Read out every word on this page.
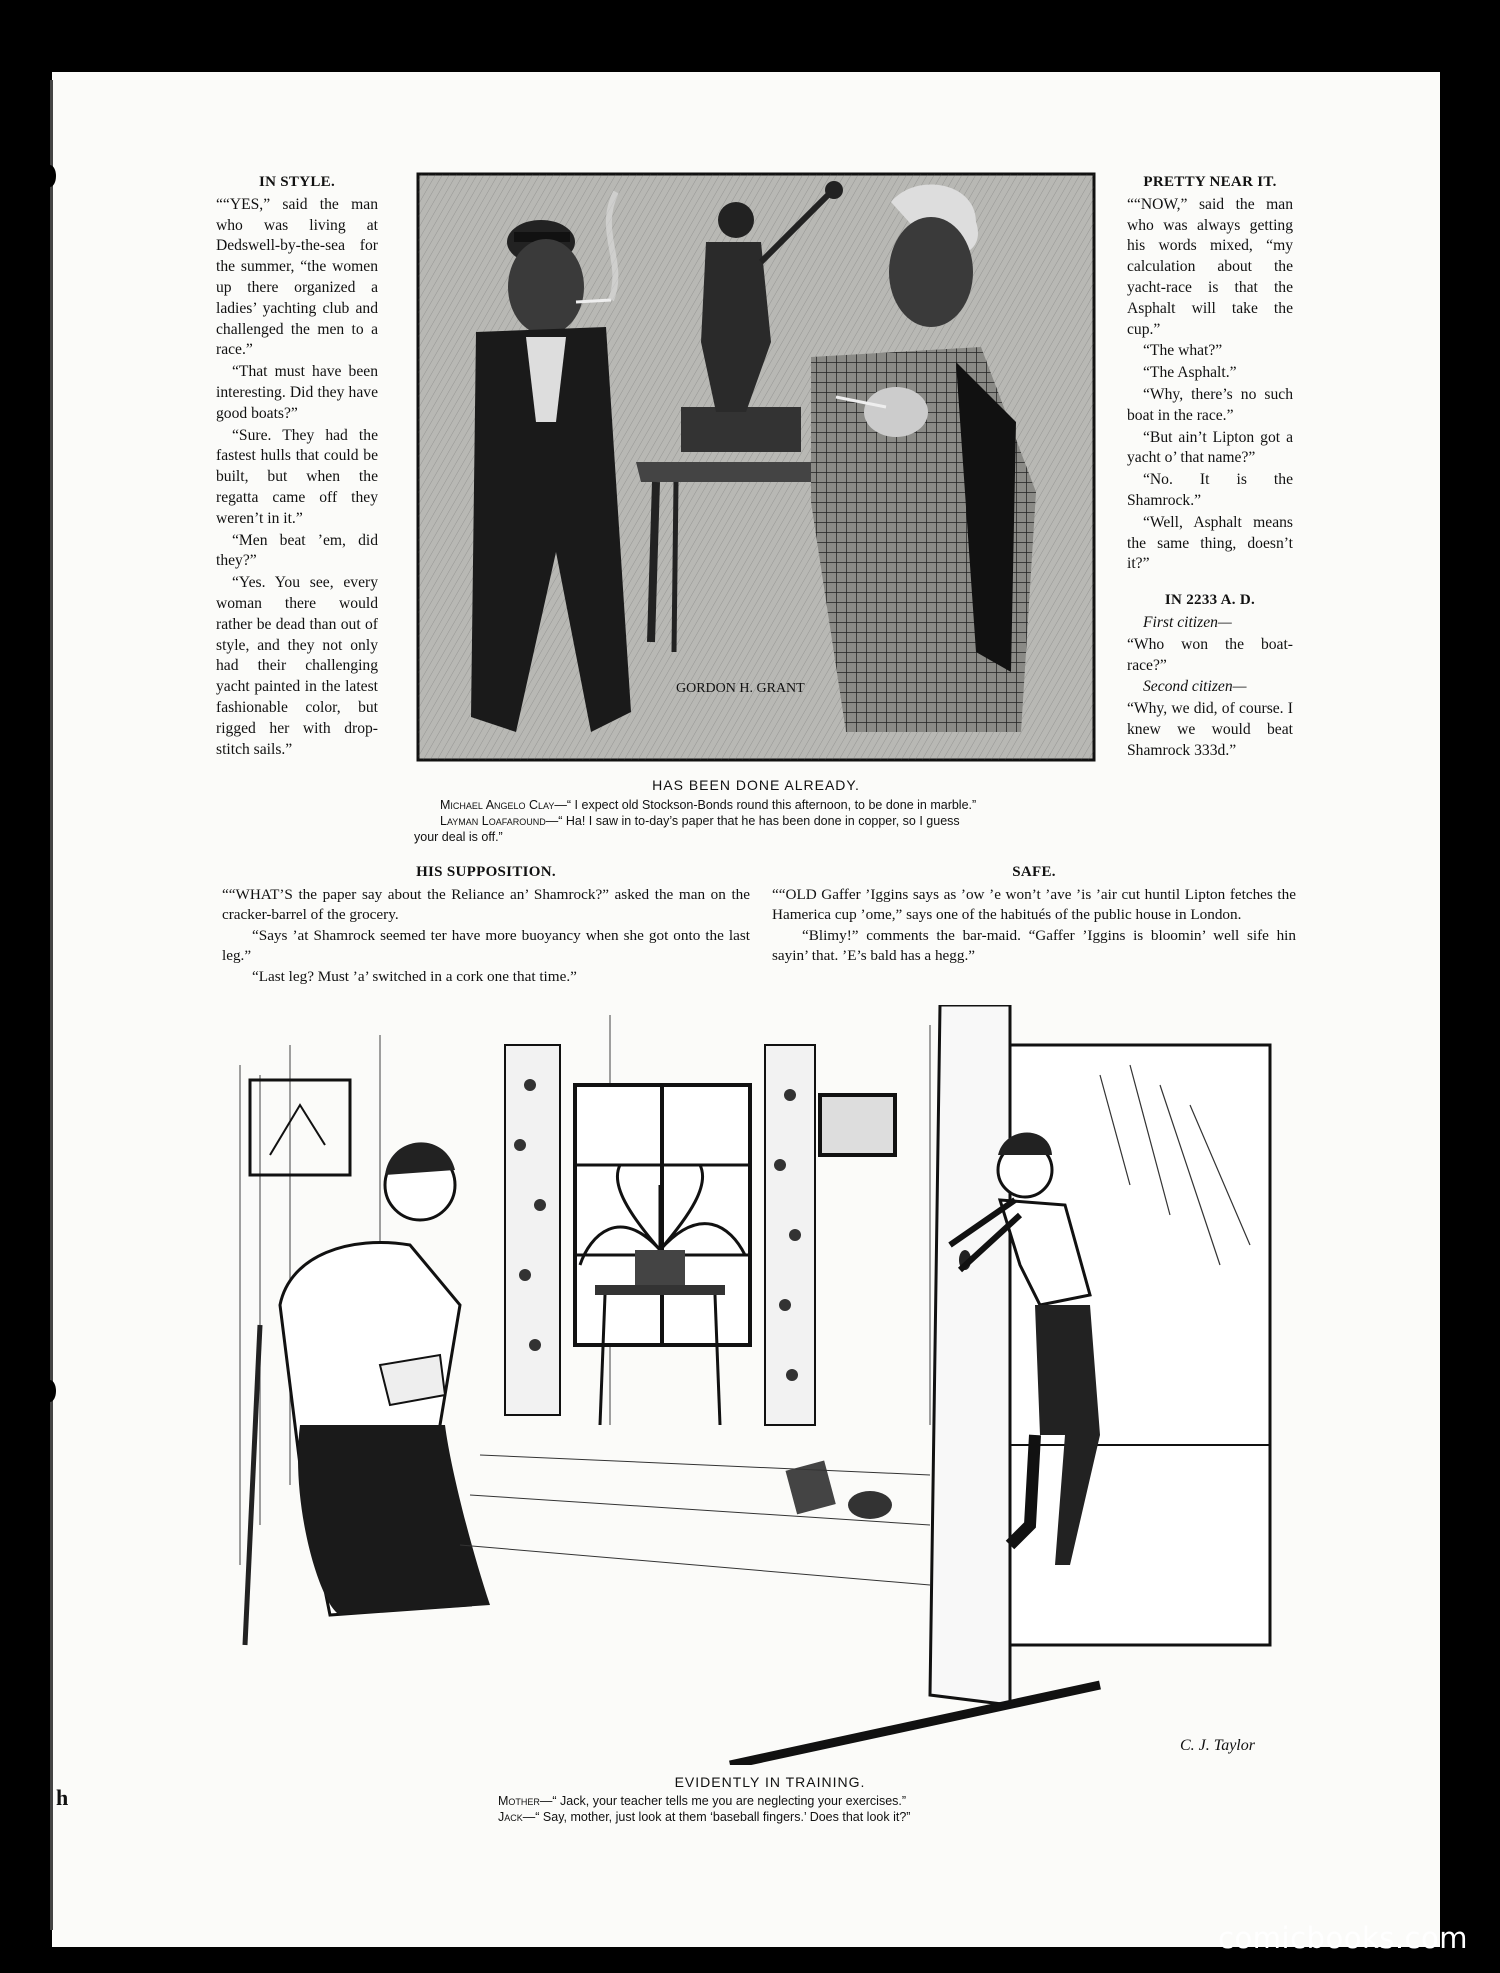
h
IN STYLE.

““YES,” said the man who was living at Dedswell-by-the-sea for the summer, “the women up there organized a ladies’ yachting club and challenged the men to a race.”

“That must have been interesting. Did they have good boats?”

“Sure. They had the fastest hulls that could be built, but when the regatta came off they weren’t in it.”

“Men beat ’em, did they?”

“Yes. You see, every woman there would rather be dead than out of style, and they not only had their challenging yacht painted in the latest fashionable color, but rigged her with drop-stitch sails.”

GORDON H. GRANT
HAS BEEN DONE ALREADY.
Michael Angelo Clay—“ I expect old Stockson-Bonds round this afternoon, to be done in marble.”
Layman Loafaround—“ Ha! I saw in to-day’s paper that he has been done in copper, so I guess
your deal is off.”
PRETTY NEAR IT.

““NOW,” said the man who was always getting his words mixed, “my calculation about the yacht-race is that the Asphalt will take the cup.”

“The what?”

“The Asphalt.”

“Why, there’s no such boat in the race.”

“But ain’t Lipton got a yacht o’ that name?”

“No. It is the Shamrock.”

“Well, Asphalt means the same thing, doesn’t it?”

IN 2233 A. D.

First citizen—

“Who won the boat-race?”

Second citizen—

“Why, we did, of course. I knew we would beat Shamrock 333d.”

HIS SUPPOSITION.

““WHAT’S the paper say about the Reliance an’ Shamrock?” asked the man on the cracker-barrel of the grocery.

“Says ’at Shamrock seemed ter have more buoyancy when she got onto the last leg.”

“Last leg? Must ’a’ switched in a cork one that time.”

SAFE.

““OLD Gaffer ’Iggins says as ’ow ’e won’t ’ave ’is ’air cut huntil Lipton fetches the Hamerica cup ’ome,” says one of the habitués of the public house in London.

“Blimy!” comments the bar-maid. “Gaffer ’Iggins is bloomin’ well sife hin sayin’ that. ’E’s bald has a hegg.”

C. J. Taylor
EVIDENTLY IN TRAINING.
Mother—“ Jack, your teacher tells me you are neglecting your exercises.”
Jack—“ Say, mother, just look at them ‘baseball fingers.’ Does that look it?”
comicbooks.com
